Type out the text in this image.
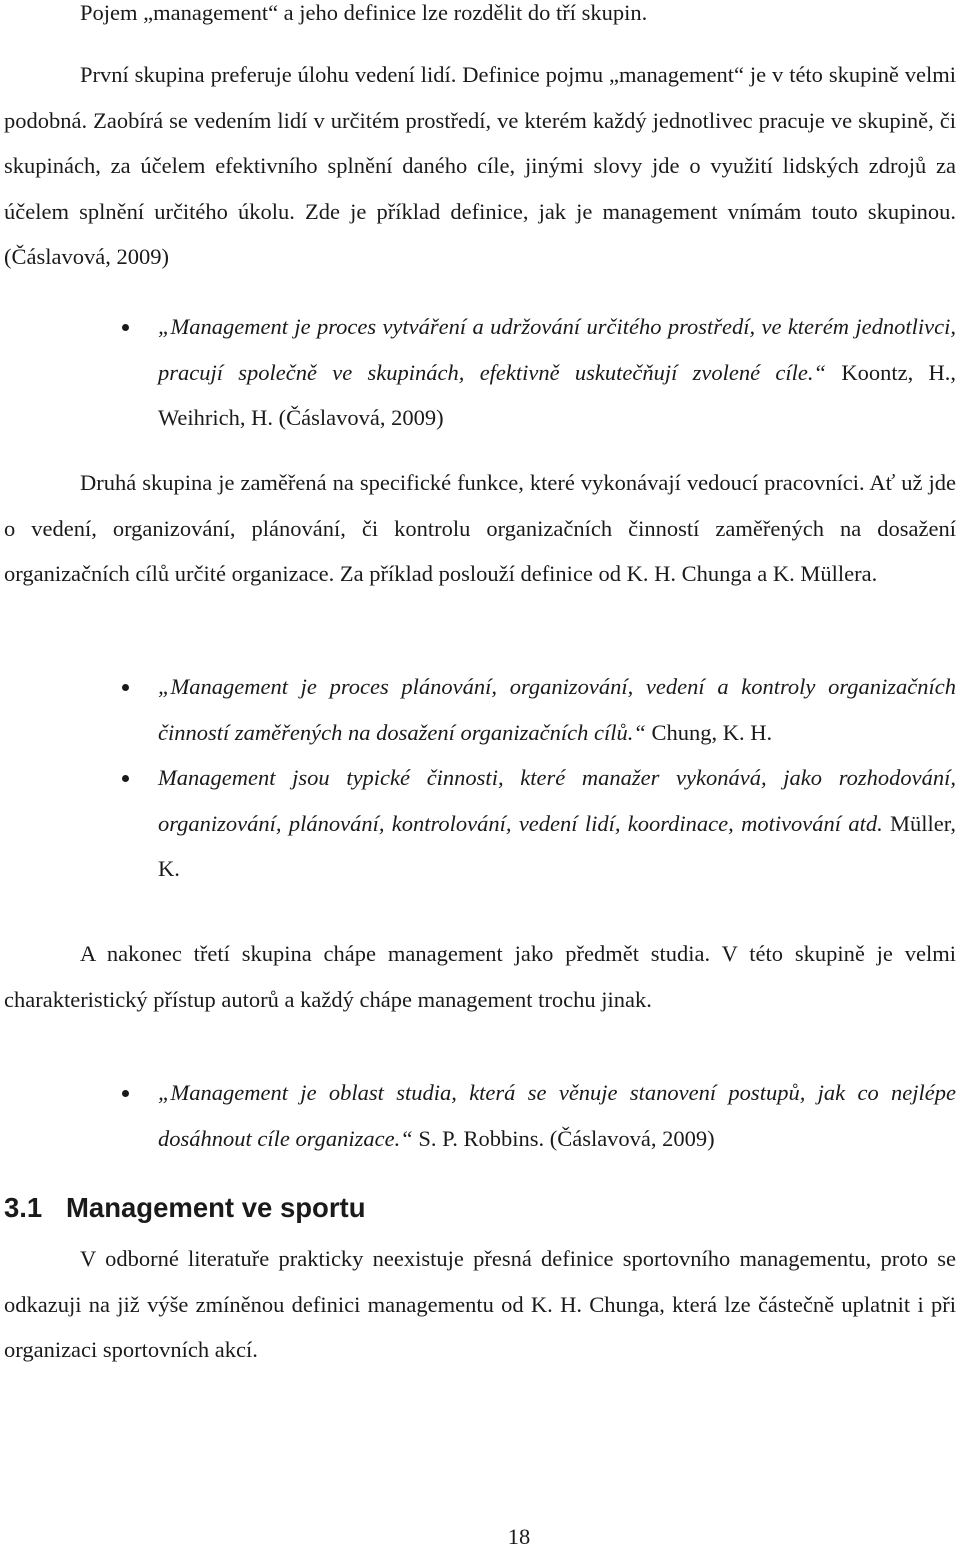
Pojem „management“ a jeho definice lze rozdělit do tří skupin.

První skupina preferuje úlohu vedení lidí. Definice pojmu „management“ je v této skupině velmi podobná. Zaobírá se vedením lidí v určitém prostředí, ve kterém každý jednotlivec pracuje ve skupině, či skupinách, za účelem efektivního splnění daného cíle, jinými slovy jde o využití lidských zdrojů za účelem splnění určitého úkolu. Zde je příklad definice, jak je management vnímám touto skupinou. (Čáslavová, 2009)

„Management je proces vytváření a udržování určitého prostředí, ve kterém jednotlivci, pracují společně ve skupinách, efektivně uskutečňují zvolené cíle.“ Koontz, H., Weihrich, H. (Čáslavová, 2009)

Druhá skupina je zaměřená na specifické funkce, které vykonávají vedoucí pracovníci. Ať už jde o vedení, organizování, plánování, či kontrolu organizačních činností zaměřených na dosažení organizačních cílů určité organizace. Za příklad poslouží definice od K. H. Chunga a K. Müllera.

„Management je proces plánování, organizování, vedení a kontroly organizačních činností zaměřených na dosažení organizačních cílů.“ Chung, K. H.
Management jsou typické činnosti, které manažer vykonává, jako rozhodování, organizování, plánování, kontrolování, vedení lidí, koordinace, motivování atd. Müller, K.

A nakonec třetí skupina chápe management jako předmět studia. V této skupině je velmi charakteristický přístup autorů a každý chápe management trochu jinak.

„Management je oblast studia, která se věnuje stanovení postupů, jak co nejlépe dosáhnout cíle organizace.“ S. P. Robbins. (Čáslavová, 2009)
3.1 Management ve sportu

V odborné literatuře prakticky neexistuje přesná definice sportovního managementu, proto se odkazuji na již výše zmíněnou definici managementu od K. H. Chunga, která lze částečně uplatnit i při organizaci sportovních akcí.

18
